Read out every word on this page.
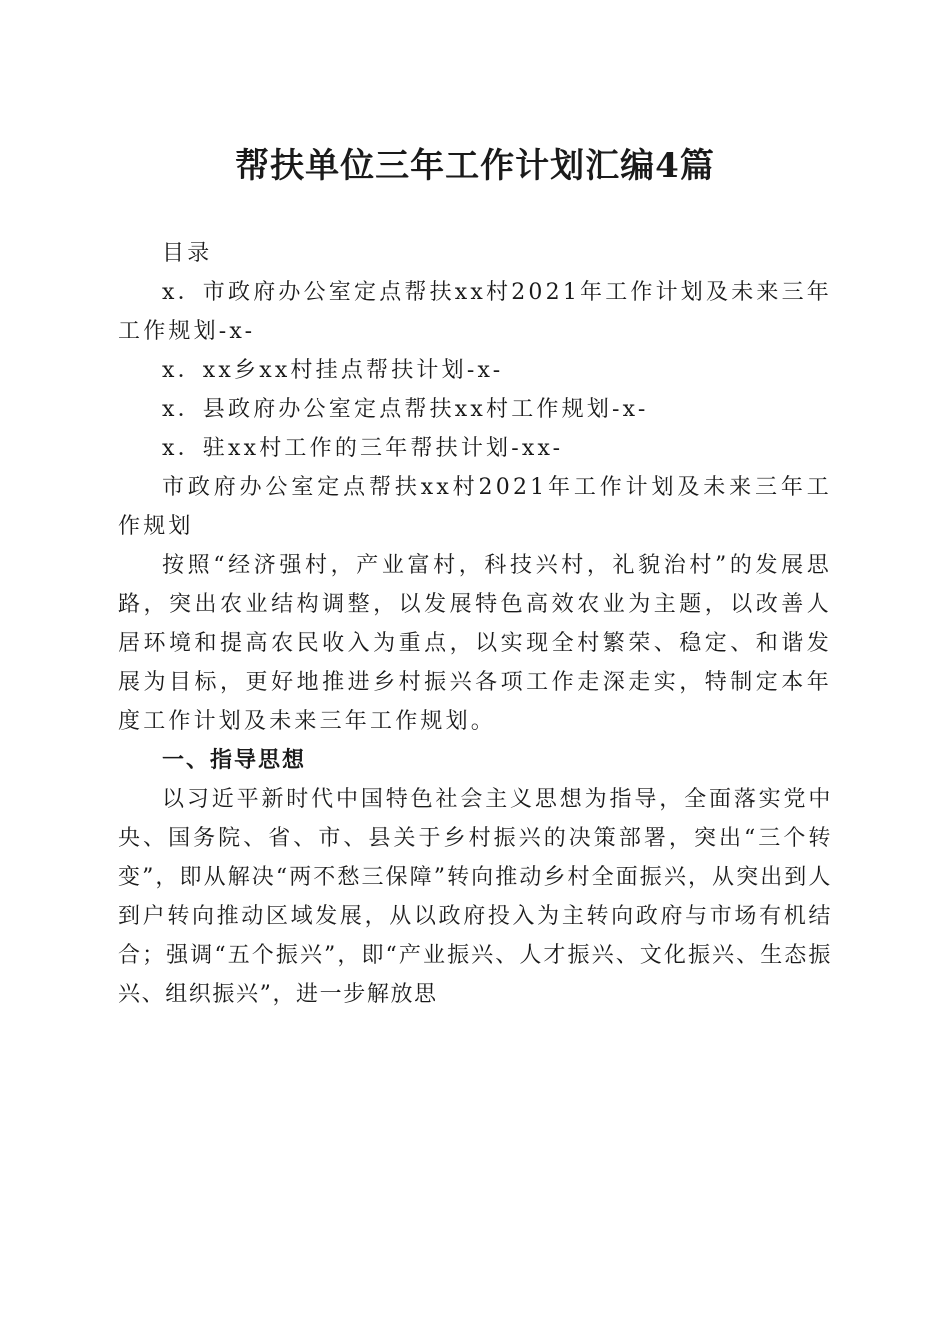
帮扶单位三年工作计划汇编4篇

目录

x．市政府办公室定点帮扶xx村2021年工作计划及未来三年工作规划-x-

x．xx乡xx村挂点帮扶计划-x-

x．县政府办公室定点帮扶xx村工作规划-x-

x．驻xx村工作的三年帮扶计划-xx-

市政府办公室定点帮扶xx村2021年工作计划及未来三年工作规划

按照“经济强村，产业富村，科技兴村，礼貌治村”的发展思路，突出农业结构调整，以发展特色高效农业为主题，以改善人居环境和提高农民收入为重点，以实现全村繁荣、稳定、和谐发展为目标，更好地推进乡村振兴各项工作走深走实，特制定本年度工作计划及未来三年工作规划。

一、指导思想

以习近平新时代中国特色社会主义思想为指导，全面落实党中央、国务院、省、市、县关于乡村振兴的决策部署，突出“三个转变”，即从解决“两不愁三保障”转向推动乡村全面振兴，从突出到人到户转向推动区域发展，从以政府投入为主转向政府与市场有机结合；强调“五个振兴”，即“产业振兴、人才振兴、文化振兴、生态振兴、组织振兴”，进一步解放思
